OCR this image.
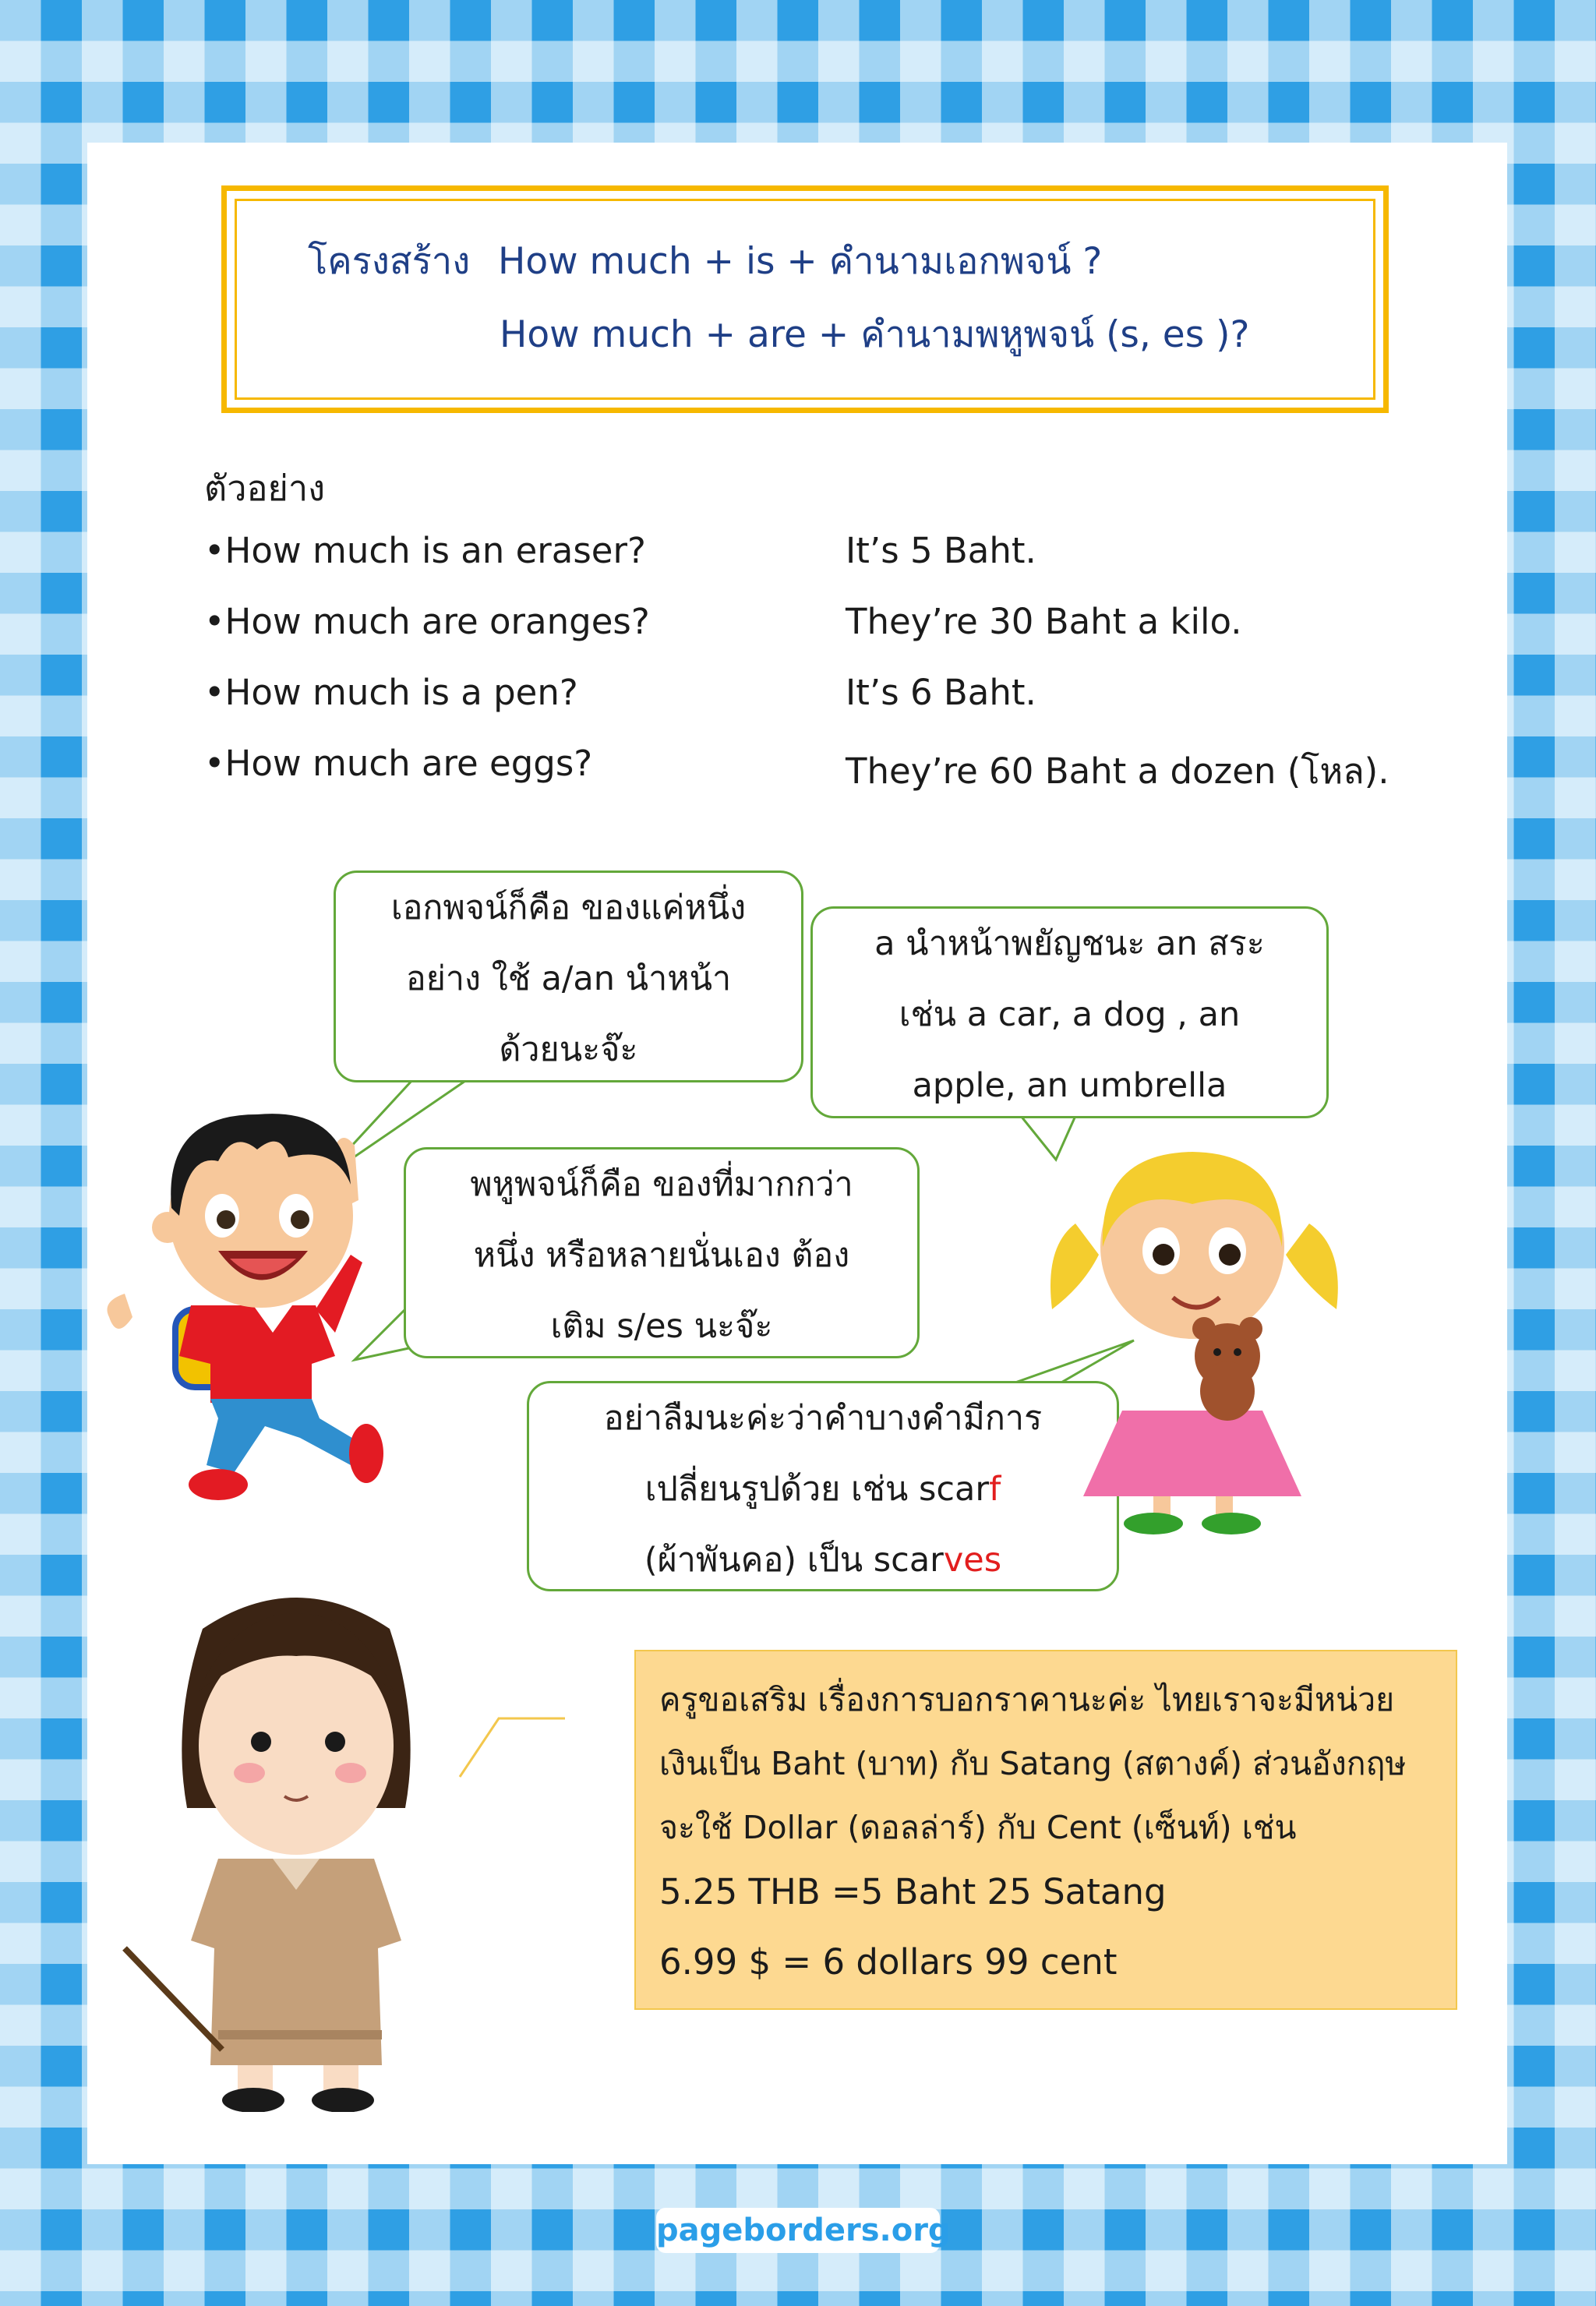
โครงสร้าง How much + is + คำนามเอกพจน์ ?
How much + are + คำนามพหูพจน์ (s, es )?
ตัวอย่าง
•How much is an eraser?	It’s 5 Baht.
•How much are oranges?	They’re 30 Baht a kilo.
•How much is a pen?	It’s 6 Baht.
•How much are eggs?	They’re 60 Baht a dozen (โหล).
เอกพจน์ก็คือ ของแค่หนึ่ง
อย่าง ใช้ a/an นำหน้า
ด้วยนะจ๊ะ
a นำหน้าพยัญชนะ an สระ
เช่น a car, a dog , an
apple, an umbrella
พหูพจน์ก็คือ ของที่มากกว่า
หนึ่ง หรือหลายนั่นเอง ต้อง
เติม s/es นะจ๊ะ
อย่าลืมนะค่ะว่าคำบางคำมีการ
เปลี่ยนรูปด้วย เช่น scarf
(ผ้าพันคอ) เป็น scarves
ครูขอเสริม เรื่องการบอกราคานะค่ะ ไทยเราจะมีหน่วย
เงินเป็น Baht (บาท) กับ Satang (สตางค์) ส่วนอังกฤษ
จะใช้ Dollar (ดอลล่าร์) กับ Cent (เซ็นท์) เช่น
5.25 THB =5 Baht 25 Satang
6.99 $ = 6 dollars 99 cent
pageborders.org
